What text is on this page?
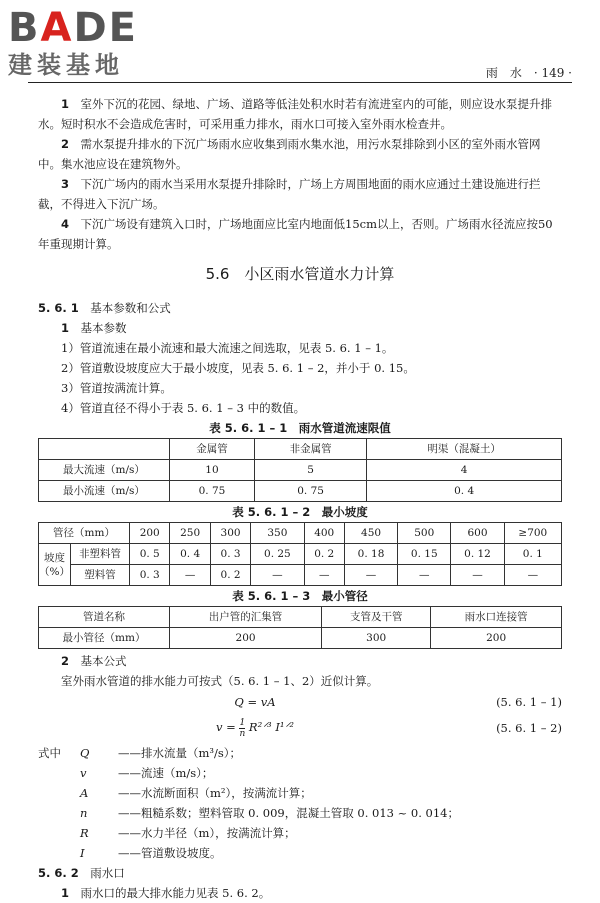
BADE
建装基地	雨　水　· 149 ·

1　 室外下沉的花园、绿地、广场、道路等低洼处积水时若有流进室内的可能，则应设水泵提升排水。短时积水不会造成危害时，可采用重力排水，雨水口可接入室外雨水检查井。

2　 需水泵提升排水的下沉广场雨水应收集到雨水集水池，用污水泵排除到小区的室外雨水管网中。集水池应设在建筑物外。

3　 下沉广场内的雨水当采用水泵提升排除时，广场上方周围地面的雨水应通过土建设施进行拦截，不得进入下沉广场。

4　 下沉广场设有建筑入口时，广场地面应比室内地面低15cm以上，否则。广场雨水径流应按50年重现期计算。

5.6　小区雨水管道水力计算

5. 6. 1　 基本参数和公式

1　 基本参数

1）管道流速在最小流速和最大流速之间选取，见表 5. 6. 1 – 1。

2）管道敷设坡度应大于最小坡度，见表 5. 6. 1 – 2，并小于 0. 15。

3）管道按满流计算。

4）管道直径不得小于表 5. 6. 1 – 3 中的数值。

表 5. 6. 1 – 1　雨水管道流速限值
	金属管	非金属管	明渠（混凝土）
最大流速（m/s）	10	5	4
最小流速（m/s）	0. 75	0. 75	0. 4
表 5. 6. 1 – 2　最小坡度
管径（mm）		200	250	300	350	400	450	500	600	≥700
坡度（%）	非塑料管	0. 5	0. 4	0. 3	0. 25	0. 2	0. 18	0. 15	0. 12	0. 1
	塑料管	0. 3	—	0. 2	—	—	—	—	—	—
表 5. 6. 1 – 3　最小管径
管道名称	出户管的汇集管	支管及干管	雨水口连接管
最小管径（mm）	200	300	200

2　 基本公式

室外雨水管道的排水能力可按式（5. 6. 1 – 1、2）近似计算。

Q = vA	(5. 6. 1 – 1)
$v = \frac{1}{n}$ R²ᐟ³ I¹ᐟ²	(5. 6. 1 – 2)
式中	Q	——排水流量（m³/s）；
v	——流速（m/s）；
A	——水流断面积（m²），按满流计算；
n	——粗糙系数；塑料管取 0. 009，混凝土管取 0. 013 ~ 0. 014；
R	——水力半径（m），按满流计算；
I	——管道敷设坡度。

5. 6. 2　 雨水口

1　 雨水口的最大排水能力见表 5. 6. 2。
